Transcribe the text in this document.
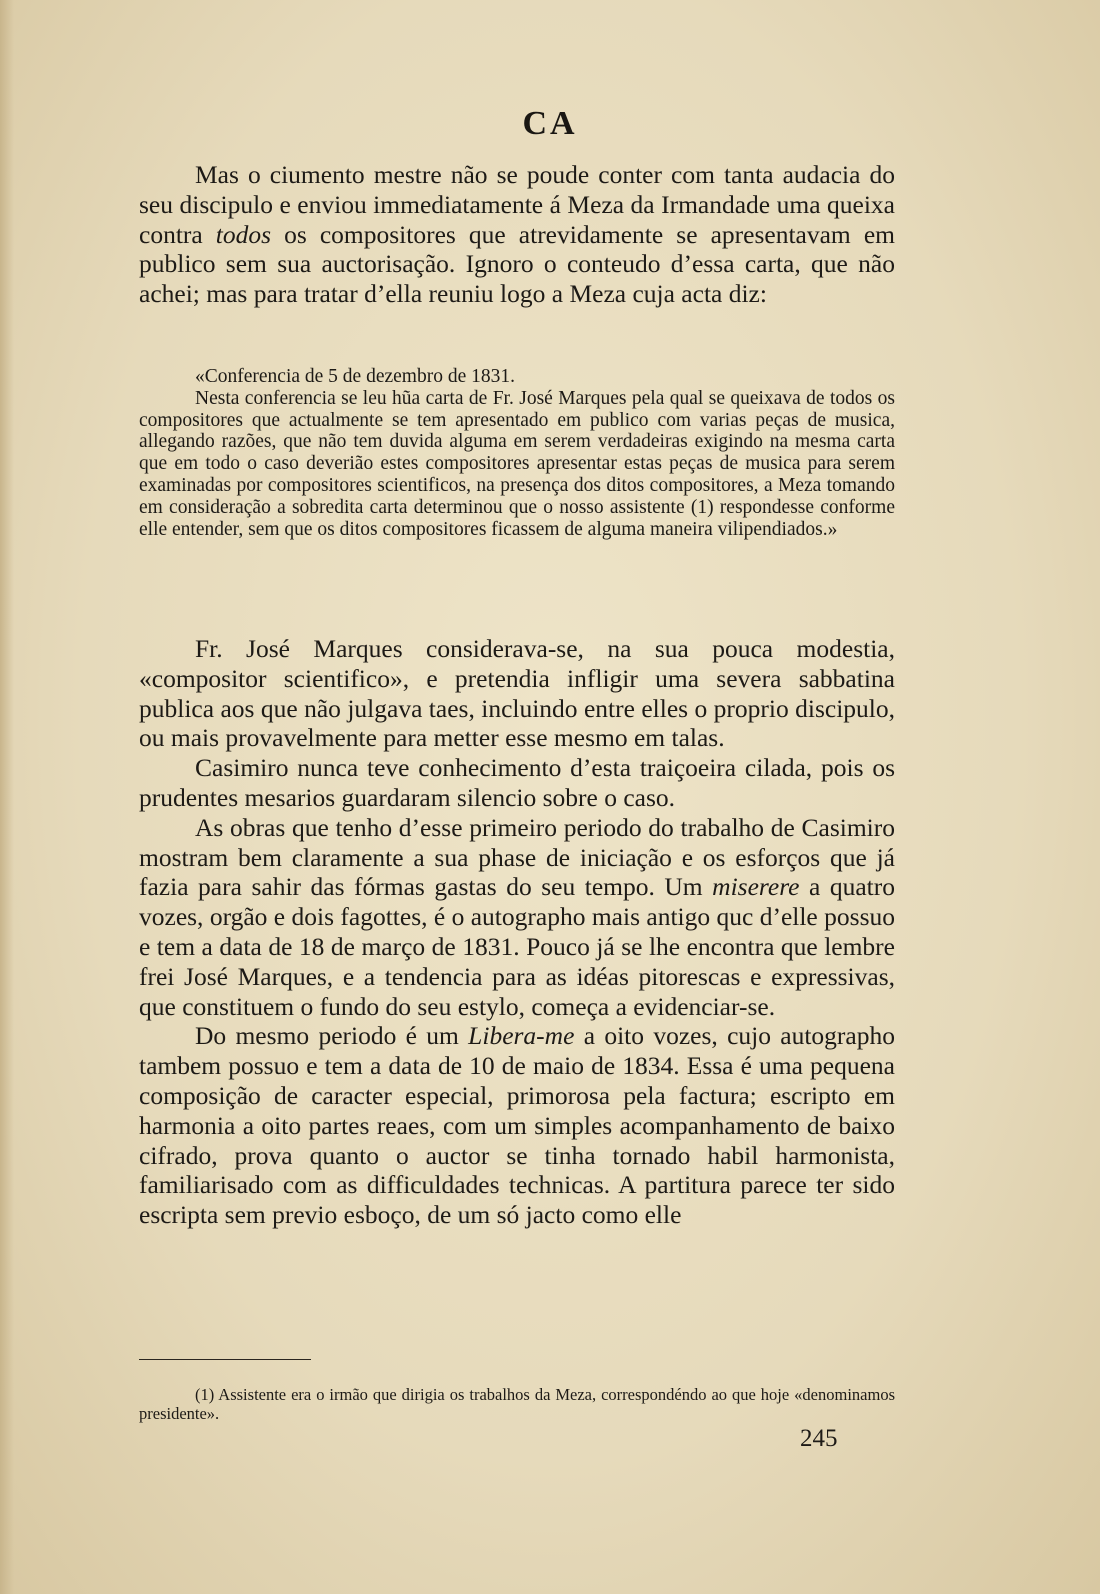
CA

Mas o ciumento mestre não se poude conter com tanta audacia do seu discipulo e enviou immediatamente á Meza da Irmandade uma queixa contra todos os compositores que atrevidamente se apresentavam em publico sem sua auctorisação. Ignoro o conteudo d’essa carta, que não achei; mas para tratar d’ella reuniu logo a Meza cuja acta diz:

«Conferencia de 5 de dezembro de 1831.

Nesta conferencia se leu hũa carta de Fr. José Marques pela qual se queixava de todos os compositores que actualmente se tem apresentado em publico com varias peças de musica, allegando razões, que não tem duvida alguma em serem verdadeiras exigindo na mesma carta que em todo o caso deverião estes compositores apresentar estas peças de musica para serem examinadas por compositores scientificos, na presença dos ditos compositores, a Meza tomando em consideração a sobredita carta determinou que o nosso assistente (1) respondesse conforme elle entender, sem que os ditos compositores ficassem de alguma maneira vilipendiados.»

Fr. José Marques considerava-se, na sua pouca modestia, «compositor scientifico», e pretendia infligir uma severa sabbatina publica aos que não julgava taes, incluindo entre elles o proprio discipulo, ou mais provavelmente para metter esse mesmo em talas.

Casimiro nunca teve conhecimento d’esta traiçoeira cilada, pois os prudentes mesarios guardaram silencio sobre o caso.

As obras que tenho d’esse primeiro periodo do trabalho de Casimiro mostram bem claramente a sua phase de iniciação e os esforços que já fazia para sahir das fórmas gastas do seu tempo. Um miserere a quatro vozes, orgão e dois fagottes, é o autographo mais antigo quc d’elle possuo e tem a data de 18 de março de 1831. Pouco já se lhe encontra que lembre frei José Marques, e a tendencia para as idéas pitorescas e expressivas, que constituem o fundo do seu estylo, começa a evidenciar-se.

Do mesmo periodo é um Libera-me a oito vozes, cujo autographo tambem possuo e tem a data de 10 de maio de 1834. Essa é uma pequena composição de caracter especial, primorosa pela factura; escripto em harmonia a oito partes reaes, com um simples acompanhamento de baixo cifrado, prova quanto o auctor se tinha tornado habil harmonista, familiarisado com as difficuldades technicas. A partitura parece ter sido escripta sem previo esboço, de um só jacto como elle

(1) Assistente era o irmão que dirigia os trabalhos da Meza, correspondéndo ao que hoje «denominamos presidente».

245
